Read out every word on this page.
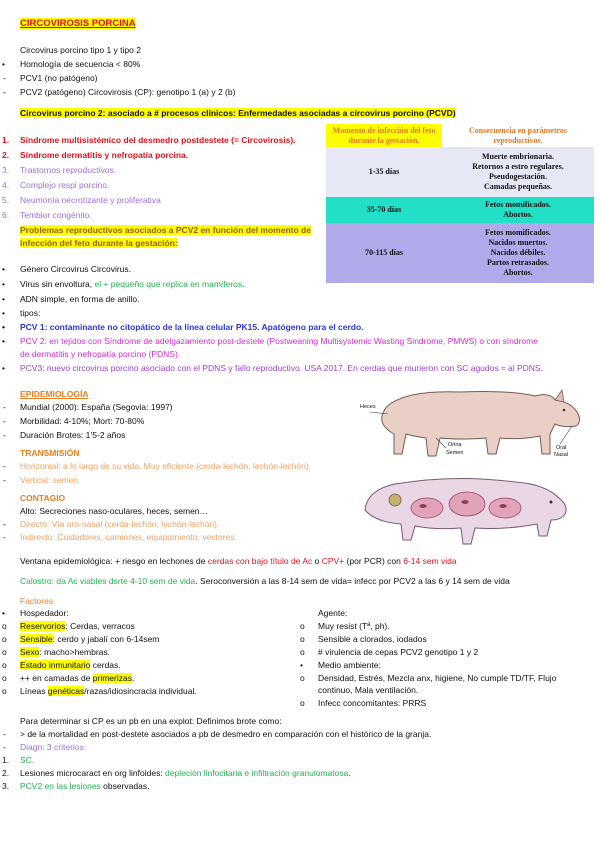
CIRCOVIROSIS PORCINA
Circovirus porcino tipo 1 y tipo 2
•	Homología de secuencia < 80%
-	PCV1 (no patógeno)
-	PCV2 (patógeno) Circovirosis (CP): genotipo 1 (a) y 2 (b)
Circovirus porcino 2: asociado a # procesos clínicos: Enfermedades asociadas a circovirus porcino (PCVD)
1. Síndrome multisistémico del desmedro postdestete (= Circovirosis).
2. Síndrome dermatitis y nefropatía porcina.
3. Trastornos reproductivos.
4. Complejo respi porcino.
5. Neumonía necrotizante y proliferativa
6. Temblor congénito.
Momento de infección del feto durante la gestación.	Consecuencia en parámetros reproductivos.
1-35 días	Muerte embrionaria.
Retornos a estro regulares.
Pseudogestación.
Camadas pequeñas.

35-70 días	Fetos momificados.
Abortos.

70-115 días	Fetos momificados.
Nacidos muertos.
Nacidos débiles.
Partos retrasados.
Abortos.
Problemas reproductivos asociados a PCV2 en función del momento de
infección del feto durante la gestación:
• Género Circovirus Circovirus.
• Virus sin envoltura, el + pequeño que replica en mamíferos.
• ADN simple, en forma de anillo.
• tipos:
• PCV 1: contaminante no citopático de la línea celular PK15. Apatógeno para el cerdo.
• PCV 2: en tejidos con Síndrome de adelgazamiento post-destete (Postweaning Multisystemic Wasting Sindrome, PMWS) o con síndrome
de dermatitis y nefropatía porcino (PDNS).
• PCV3: nuevo circovirus porcino asociado con el PDNS y fallo reproductivo. USA 2017. En cerdas que murieron con SC agudos ≈ al PDNS.
EPIDEMIOLOGÍA
- Mundial (2000): España (Segovia: 1997)
- Morbilidad: 4-10%; Mort: 70-80%
- Duración Brotes: 1’5-2 años
TRANSMISIÓN
- Horizontal: a lo largo de su vida. Muy eficiente (cerda-lechón, lechón-lechón).
- Vertical: semen.
CONTAGIO
Alto: Secreciones naso-oculares, heces, semen…
- Directo: Vía oro-nasal (cerda-lechón, lechón-lechón).
- Indirecto: Cuidadores, camiones, equipamiento, vectores.
Heces
Orina
Semen
Oral
Nasal
Ventana epidemiológica: + riesgo en lechones de cerdas con bajo título de Ac o CPV+ (por PCR) con 6-14 sem vida
Calostro: da Ac viables dsrte 4-10 sem de vida. Seroconversión a las 8-14 sem de vida= infecc por PCV2 a las 6 y 14 sem de vida
Factores
• Hospedador:
o Reservorios: Cerdas, verracos
o Sensible: cerdo y jabalí con 6-14sem
o Sexo: macho>hembras.
o Estado inmunitario cerdas.
o ++ en camadas de primerizas.
o Líneas genéticas/razas/idiosincracia individual.
Agente:
o Muy resist (Tª, ph).
o Sensible a clorados, iodados
o # virulencia de cepas PCV2 genotipo 1 y 2
• Medio ambiente:
o Densidad, Estrés, Mezcla anx, higiene, No cumple TD/TF, Flujo
continuo, Mala ventilación.
o Infecc concomitantes: PRRS
Para determinar si CP es un pb en una explot: Definimos brote como:
- > de la mortalidad en post-destete asociados a pb de desmedro en comparación con el histórico de la granja.
- Diagn: 3 criterios:
1. SC.
2. Lesiones microcaract en org linfoides: depleción linfocitaria e infiltración granulomatosa.
3. PCV2 en las lesiones observadas.
